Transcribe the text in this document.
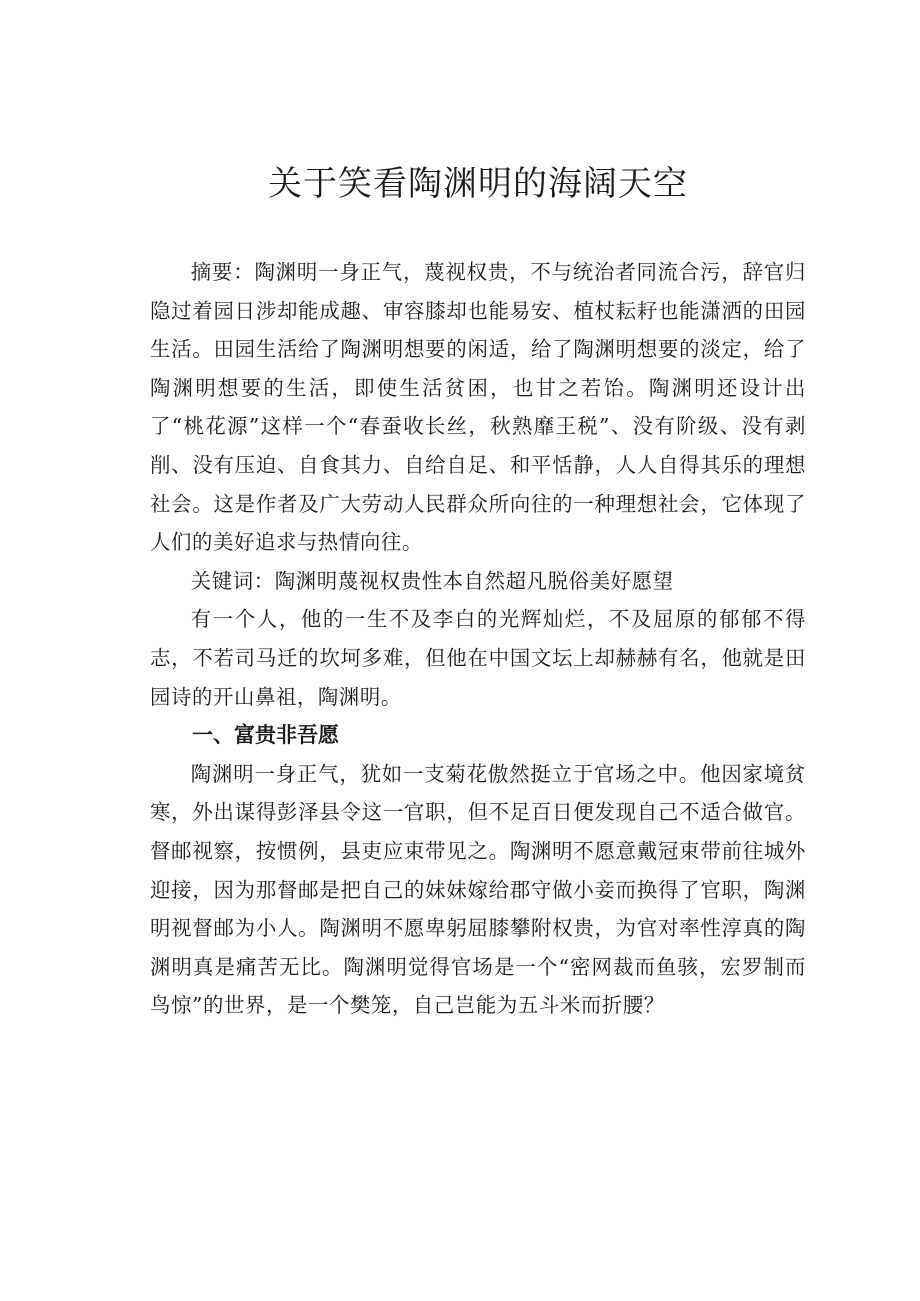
关于笑看陶渊明的海阔天空

摘要：陶渊明一身正气，蔑视权贵，不与统治者同流合污，辞官归隐过着园日涉却能成趣、审容膝却也能易安、植杖耘耔也能潇洒的田园生活。田园生活给了陶渊明想要的闲适，给了陶渊明想要的淡定，给了陶渊明想要的生活，即使生活贫困，也甘之若饴。陶渊明还设计出了“桃花源”这样一个“春蚕收长丝，秋熟靡王税”、没有阶级、没有剥削、没有压迫、自食其力、自给自足、和平恬静，人人自得其乐的理想社会。这是作者及广大劳动人民群众所向往的一种理想社会，它体现了人们的美好追求与热情向往。

关键词：陶渊明蔑视权贵性本自然超凡脱俗美好愿望

有一个人，他的一生不及李白的光辉灿烂，不及屈原的郁郁不得志，不若司马迁的坎坷多难，但他在中国文坛上却赫赫有名，他就是田园诗的开山鼻祖，陶渊明。

一、富贵非吾愿

陶渊明一身正气，犹如一支菊花傲然挺立于官场之中。他因家境贫寒，外出谋得彭泽县令这一官职，但不足百日便发现自己不适合做官。督邮视察，按惯例，县吏应束带见之。陶渊明不愿意戴冠束带前往城外迎接，因为那督邮是把自己的妹妹嫁给郡守做小妾而换得了官职，陶渊明视督邮为小人。陶渊明不愿卑躬屈膝攀附权贵，为官对率性淳真的陶渊明真是痛苦无比。陶渊明觉得官场是一个“密网裁而鱼骇，宏罗制而鸟惊”的世界，是一个樊笼，自己岂能为五斗米而折腰？
